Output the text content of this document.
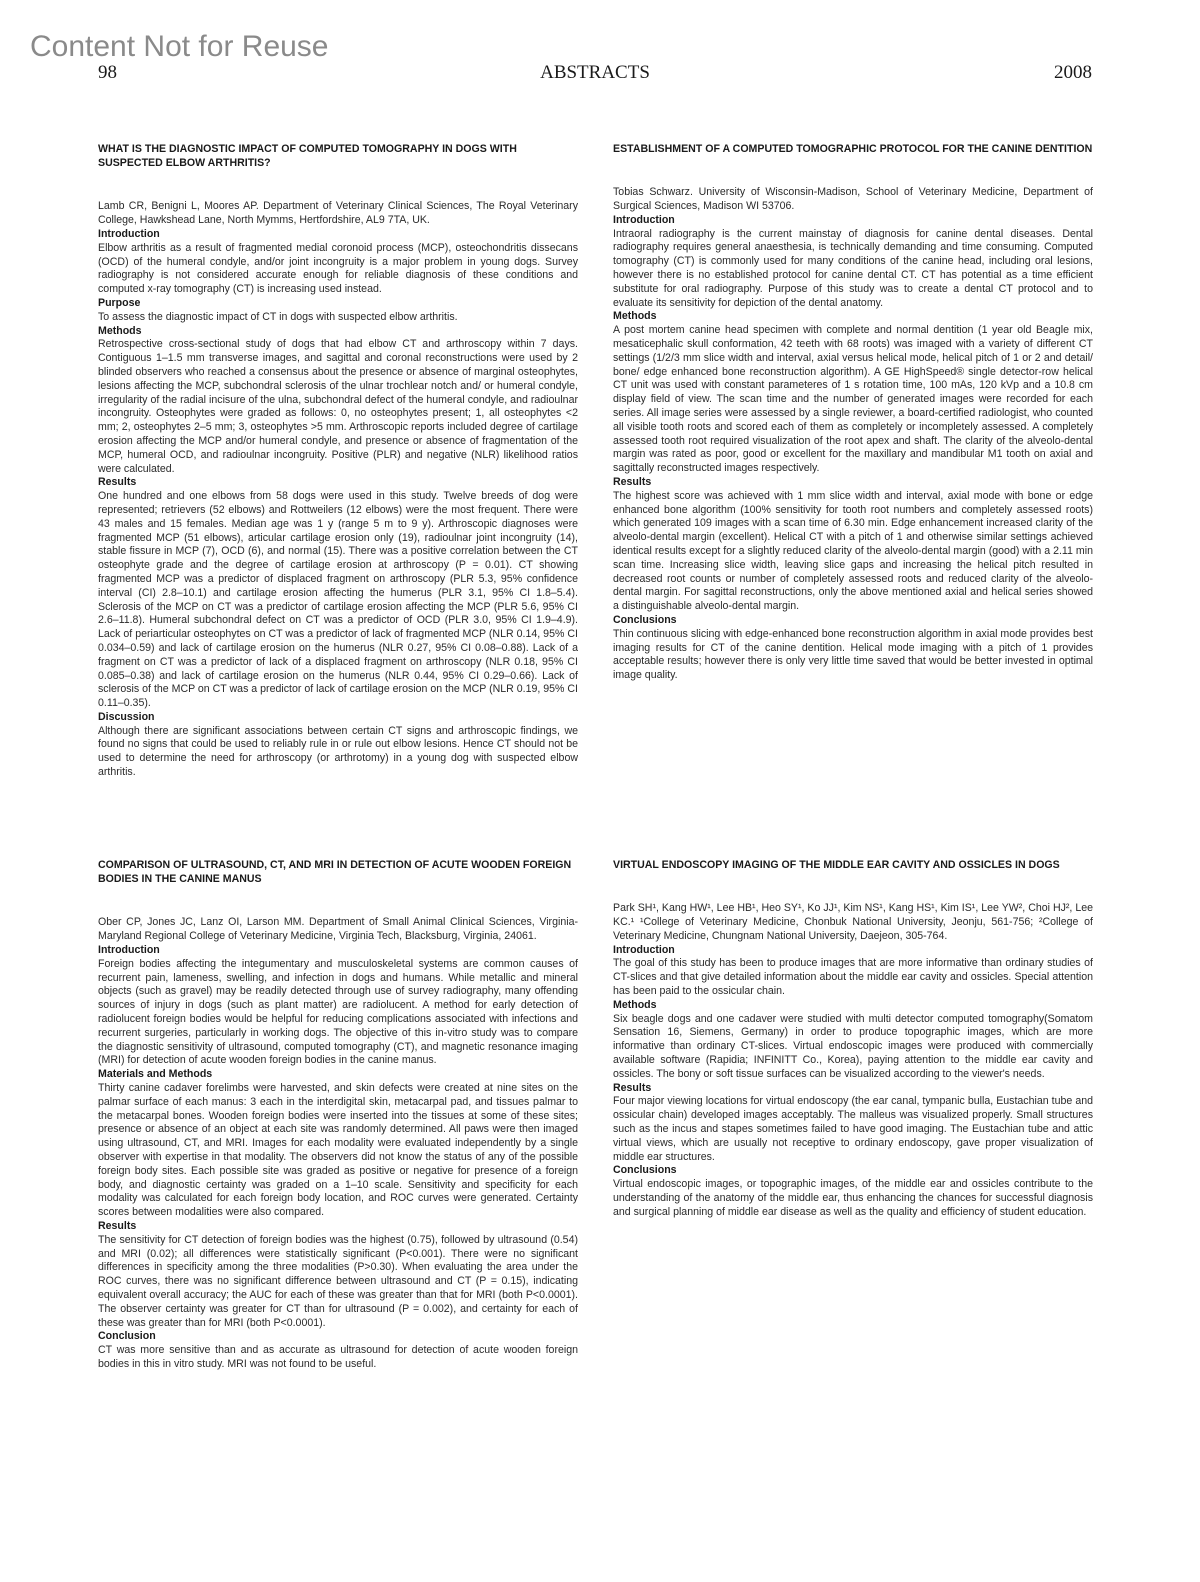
Content Not for Reuse
98	ABSTRACTS	2008
WHAT IS THE DIAGNOSTIC IMPACT OF COMPUTED TOMOGRAPHY IN DOGS WITH SUSPECTED ELBOW ARTHRITIS?

Lamb CR, Benigni L, Moores AP. Department of Veterinary Clinical Sciences, The Royal Veterinary College, Hawkshead Lane, North Mymms, Hertfordshire, AL9 7TA, UK.

Introduction

Elbow arthritis as a result of fragmented medial coronoid process (MCP), osteochondritis dissecans (OCD) of the humeral condyle, and/or joint incongruity is a major problem in young dogs. Survey radiography is not considered accurate enough for reliable diagnosis of these conditions and computed x-ray tomography (CT) is increasing used instead.

Purpose

To assess the diagnostic impact of CT in dogs with suspected elbow arthritis.

Methods

Retrospective cross-sectional study of dogs that had elbow CT and arthroscopy within 7 days. Contiguous 1–1.5 mm transverse images, and sagittal and coronal reconstructions were used by 2 blinded observers who reached a consensus about the presence or absence of marginal osteophytes, lesions affecting the MCP, subchondral sclerosis of the ulnar trochlear notch and/ or humeral condyle, irregularity of the radial incisure of the ulna, subchondral defect of the humeral condyle, and radioulnar incongruity. Osteophytes were graded as follows: 0, no osteophytes present; 1, all osteophytes <2 mm; 2, osteophytes 2–5 mm; 3, osteophytes >5 mm. Arthroscopic reports included degree of cartilage erosion affecting the MCP and/or humeral condyle, and presence or absence of fragmentation of the MCP, humeral OCD, and radioulnar incongruity. Positive (PLR) and negative (NLR) likelihood ratios were calculated.

Results

One hundred and one elbows from 58 dogs were used in this study. Twelve breeds of dog were represented; retrievers (52 elbows) and Rottweilers (12 elbows) were the most frequent. There were 43 males and 15 females. Median age was 1 y (range 5 m to 9 y). Arthroscopic diagnoses were fragmented MCP (51 elbows), articular cartilage erosion only (19), radioulnar joint incongruity (14), stable fissure in MCP (7), OCD (6), and normal (15). There was a positive correlation between the CT osteophyte grade and the degree of cartilage erosion at arthroscopy (P = 0.01). CT showing fragmented MCP was a predictor of displaced fragment on arthroscopy (PLR 5.3, 95% confidence interval (CI) 2.8–10.1) and cartilage erosion affecting the humerus (PLR 3.1, 95% CI 1.8–5.4). Sclerosis of the MCP on CT was a predictor of cartilage erosion affecting the MCP (PLR 5.6, 95% CI 2.6–11.8). Humeral subchondral defect on CT was a predictor of OCD (PLR 3.0, 95% CI 1.9–4.9). Lack of periarticular osteophytes on CT was a predictor of lack of fragmented MCP (NLR 0.14, 95% CI 0.034–0.59) and lack of cartilage erosion on the humerus (NLR 0.27, 95% CI 0.08–0.88). Lack of a fragment on CT was a predictor of lack of a displaced fragment on arthroscopy (NLR 0.18, 95% CI 0.085–0.38) and lack of cartilage erosion on the humerus (NLR 0.44, 95% CI 0.29–0.66). Lack of sclerosis of the MCP on CT was a predictor of lack of cartilage erosion on the MCP (NLR 0.19, 95% CI 0.11–0.35).

Discussion

Although there are significant associations between certain CT signs and arthroscopic findings, we found no signs that could be used to reliably rule in or rule out elbow lesions. Hence CT should not be used to determine the need for arthroscopy (or arthrotomy) in a young dog with suspected elbow arthritis.

ESTABLISHMENT OF A COMPUTED TOMOGRAPHIC PROTOCOL FOR THE CANINE DENTITION

Tobias Schwarz. University of Wisconsin-Madison, School of Veterinary Medicine, Department of Surgical Sciences, Madison WI 53706.

Introduction

Intraoral radiography is the current mainstay of diagnosis for canine dental diseases. Dental radiography requires general anaesthesia, is technically demanding and time consuming. Computed tomography (CT) is commonly used for many conditions of the canine head, including oral lesions, however there is no established protocol for canine dental CT. CT has potential as a time efficient substitute for oral radiography. Purpose of this study was to create a dental CT protocol and to evaluate its sensitivity for depiction of the dental anatomy.

Methods

A post mortem canine head specimen with complete and normal dentition (1 year old Beagle mix, mesaticephalic skull conformation, 42 teeth with 68 roots) was imaged with a variety of different CT settings (1/2/3 mm slice width and interval, axial versus helical mode, helical pitch of 1 or 2 and detail/ bone/ edge enhanced bone reconstruction algorithm). A GE HighSpeed® single detector-row helical CT unit was used with constant parameteres of 1 s rotation time, 100 mAs, 120 kVp and a 10.8 cm display field of view. The scan time and the number of generated images were recorded for each series. All image series were assessed by a single reviewer, a board-certified radiologist, who counted all visible tooth roots and scored each of them as completely or incompletely assessed. A completely assessed tooth root required visualization of the root apex and shaft. The clarity of the alveolo-dental margin was rated as poor, good or excellent for the maxillary and mandibular M1 tooth on axial and sagittally reconstructed images respectively.

Results

The highest score was achieved with 1 mm slice width and interval, axial mode with bone or edge enhanced bone algorithm (100% sensitivity for tooth root numbers and completely assessed roots) which generated 109 images with a scan time of 6.30 min. Edge enhancement increased clarity of the alveolo-dental margin (excellent). Helical CT with a pitch of 1 and otherwise similar settings achieved identical results except for a slightly reduced clarity of the alveolo-dental margin (good) with a 2.11 min scan time. Increasing slice width, leaving slice gaps and increasing the helical pitch resulted in decreased root counts or number of completely assessed roots and reduced clarity of the alveolo-dental margin. For sagittal reconstructions, only the above mentioned axial and helical series showed a distinguishable alveolo-dental margin.

Conclusions

Thin continuous slicing with edge-enhanced bone reconstruction algorithm in axial mode provides best imaging results for CT of the canine dentition. Helical mode imaging with a pitch of 1 provides acceptable results; however there is only very little time saved that would be better invested in optimal image quality.

COMPARISON OF ULTRASOUND, CT, AND MRI IN DETECTION OF ACUTE WOODEN FOREIGN BODIES IN THE CANINE MANUS

Ober CP, Jones JC, Lanz OI, Larson MM. Department of Small Animal Clinical Sciences, Virginia-Maryland Regional College of Veterinary Medicine, Virginia Tech, Blacksburg, Virginia, 24061.

Introduction

Foreign bodies affecting the integumentary and musculoskeletal systems are common causes of recurrent pain, lameness, swelling, and infection in dogs and humans. While metallic and mineral objects (such as gravel) may be readily detected through use of survey radiography, many offending sources of injury in dogs (such as plant matter) are radiolucent. A method for early detection of radiolucent foreign bodies would be helpful for reducing complications associated with infections and recurrent surgeries, particularly in working dogs. The objective of this in-vitro study was to compare the diagnostic sensitivity of ultrasound, computed tomography (CT), and magnetic resonance imaging (MRI) for detection of acute wooden foreign bodies in the canine manus.

Materials and Methods

Thirty canine cadaver forelimbs were harvested, and skin defects were created at nine sites on the palmar surface of each manus: 3 each in the interdigital skin, metacarpal pad, and tissues palmar to the metacarpal bones. Wooden foreign bodies were inserted into the tissues at some of these sites; presence or absence of an object at each site was randomly determined. All paws were then imaged using ultrasound, CT, and MRI. Images for each modality were evaluated independently by a single observer with expertise in that modality. The observers did not know the status of any of the possible foreign body sites. Each possible site was graded as positive or negative for presence of a foreign body, and diagnostic certainty was graded on a 1–10 scale. Sensitivity and specificity for each modality was calculated for each foreign body location, and ROC curves were generated. Certainty scores between modalities were also compared.

Results

The sensitivity for CT detection of foreign bodies was the highest (0.75), followed by ultrasound (0.54) and MRI (0.02); all differences were statistically significant (P<0.001). There were no significant differences in specificity among the three modalities (P>0.30). When evaluating the area under the ROC curves, there was no significant difference between ultrasound and CT (P = 0.15), indicating equivalent overall accuracy; the AUC for each of these was greater than that for MRI (both P<0.0001). The observer certainty was greater for CT than for ultrasound (P = 0.002), and certainty for each of these was greater than for MRI (both P<0.0001).

Conclusion

CT was more sensitive than and as accurate as ultrasound for detection of acute wooden foreign bodies in this in vitro study. MRI was not found to be useful.

VIRTUAL ENDOSCOPY IMAGING OF THE MIDDLE EAR CAVITY AND OSSICLES IN DOGS

Park SH¹, Kang HW¹, Lee HB¹, Heo SY¹, Ko JJ¹, Kim NS¹, Kang HS¹, Kim IS¹, Lee YW², Choi HJ², Lee KC.¹ ¹College of Veterinary Medicine, Chonbuk National University, Jeonju, 561-756; ²College of Veterinary Medicine, Chungnam National University, Daejeon, 305-764.

Introduction

The goal of this study has been to produce images that are more informative than ordinary studies of CT-slices and that give detailed information about the middle ear cavity and ossicles. Special attention has been paid to the ossicular chain.

Methods

Six beagle dogs and one cadaver were studied with multi detector computed tomography(Somatom Sensation 16, Siemens, Germany) in order to produce topographic images, which are more informative than ordinary CT-slices. Virtual endoscopic images were produced with commercially available software (Rapidia; INFINITT Co., Korea), paying attention to the middle ear cavity and ossicles. The bony or soft tissue surfaces can be visualized according to the viewer's needs.

Results

Four major viewing locations for virtual endoscopy (the ear canal, tympanic bulla, Eustachian tube and ossicular chain) developed images acceptably. The malleus was visualized properly. Small structures such as the incus and stapes sometimes failed to have good imaging. The Eustachian tube and attic virtual views, which are usually not receptive to ordinary endoscopy, gave proper visualization of middle ear structures.

Conclusions

Virtual endoscopic images, or topographic images, of the middle ear and ossicles contribute to the understanding of the anatomy of the middle ear, thus enhancing the chances for successful diagnosis and surgical planning of middle ear disease as well as the quality and efficiency of student education.
